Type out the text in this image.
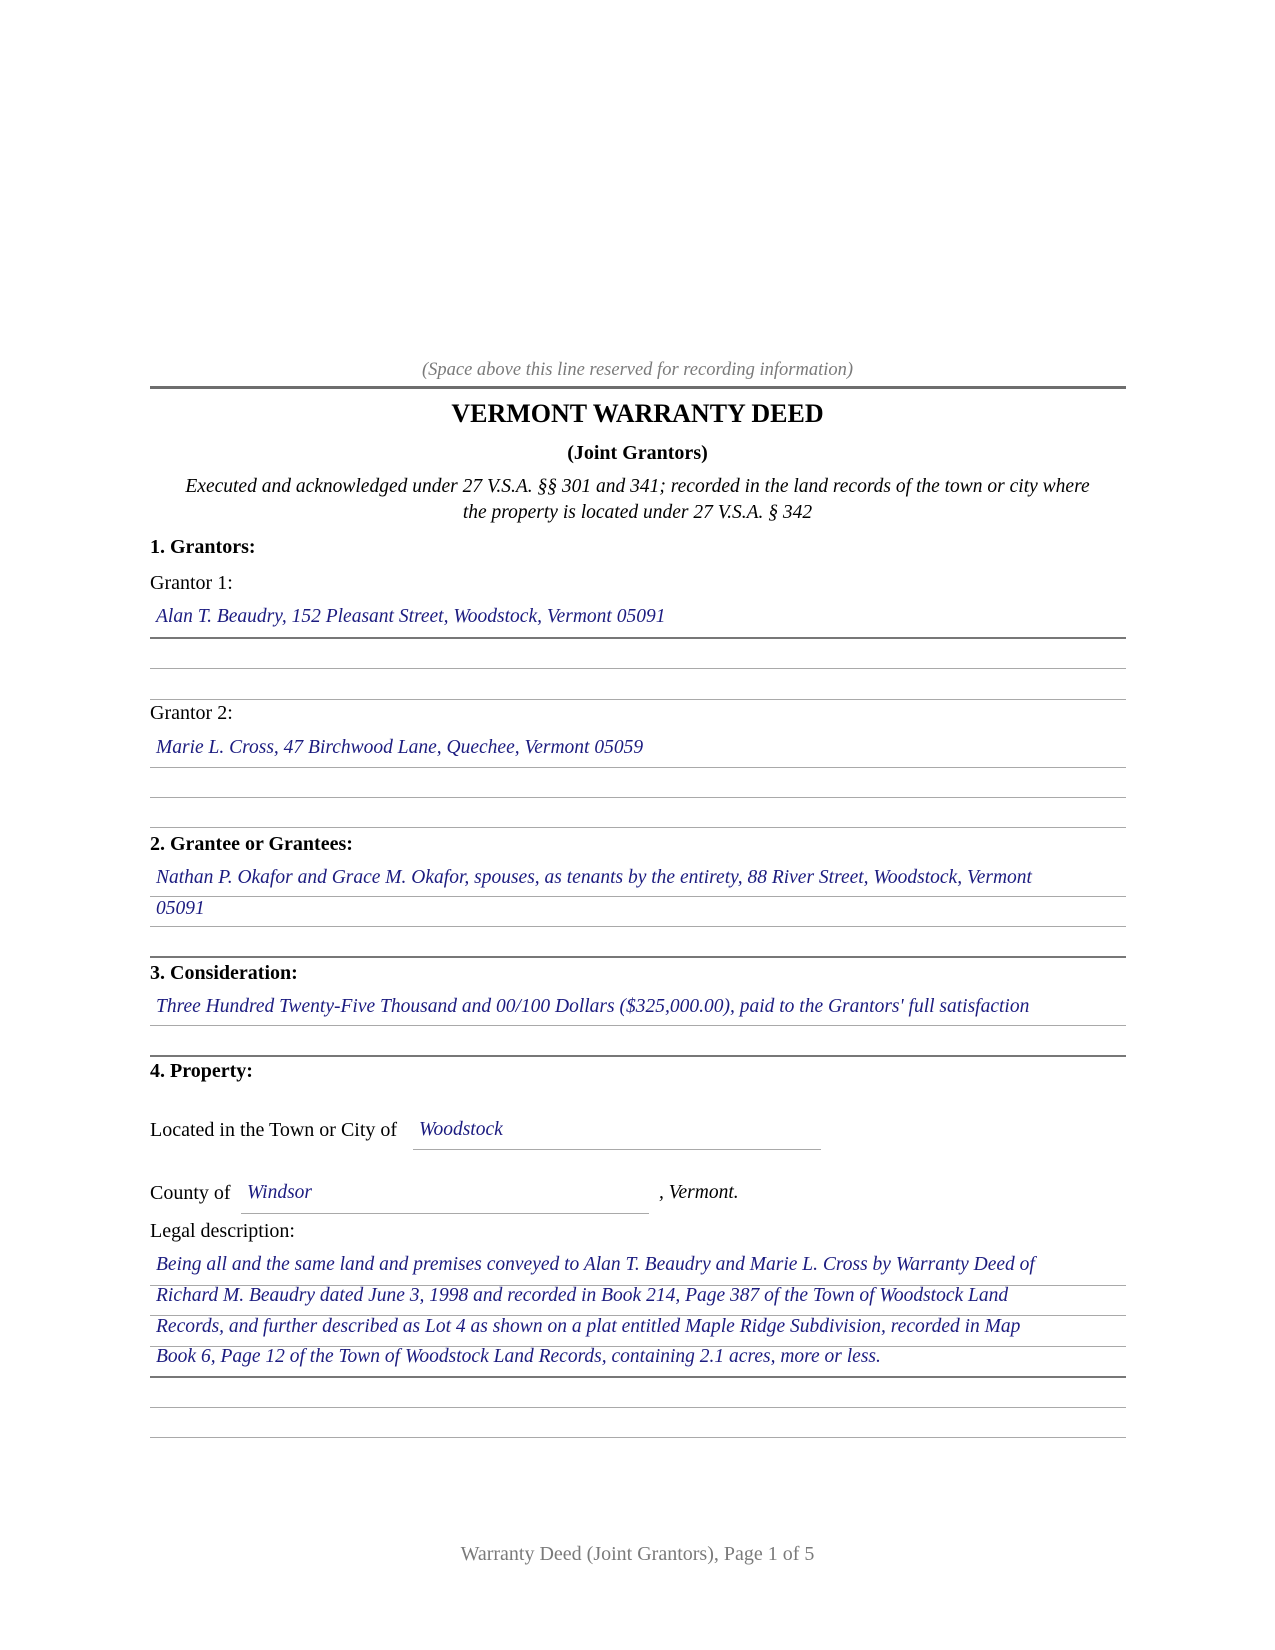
(Space above this line reserved for recording information)
VERMONT WARRANTY DEED
(Joint Grantors)
Executed and acknowledged under 27 V.S.A. §§ 301 and 341; recorded in the land records of the town or city where
the property is located under 27 V.S.A. § 342
1. Grantors:
Grantor 1:
Alan T. Beaudry, 152 Pleasant Street, Woodstock, Vermont 05091
Grantor 2:
Marie L. Cross, 47 Birchwood Lane, Quechee, Vermont 05059
2. Grantee or Grantees:
Nathan P. Okafor and Grace M. Okafor, spouses, as tenants by the entirety, 88 River Street, Woodstock, Vermont
05091
3. Consideration:
Three Hundred Twenty-Five Thousand and 00/100 Dollars ($325,000.00), paid to the Grantors' full satisfaction
4. Property:
Located in the Town or City of Woodstock
County of Windsor	, Vermont.
Legal description:
Being all and the same land and premises conveyed to Alan T. Beaudry and Marie L. Cross by Warranty Deed of
Richard M. Beaudry dated June 3, 1998 and recorded in Book 214, Page 387 of the Town of Woodstock Land
Records, and further described as Lot 4 as shown on a plat entitled Maple Ridge Subdivision, recorded in Map
Book 6, Page 12 of the Town of Woodstock Land Records, containing 2.1 acres, more or less.
Warranty Deed (Joint Grantors), Page 1 of 5
